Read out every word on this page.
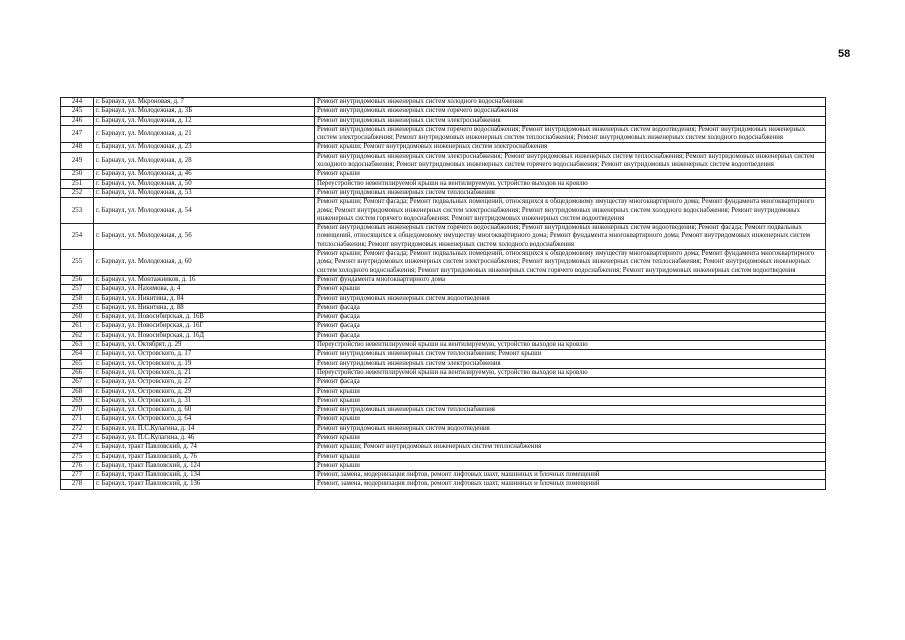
58
244	г. Барнаул, ул. Мкроновая, д. 7	Ремонт внутридомовых инженерных систем холодного водоснабжения
245	г. Барнаул, ул. Молодежная, д. 3Б	Ремонт внутридомовых инженерных систем горячего водоснабжения
246	г. Барнаул, ул. Молодежная, д. 12	Ремонт внутридомовых инженерных систем электроснабжения
247	г. Барнаул, ул. Молодежная, д. 21	Ремонт внутридомовых инженерных систем горячего водоснабжения; Ремонт внутридомовых инженерных систем водоотведения; Ремонт внутридомовых инженерных систем электроснабжения; Ремонт внутридомовых инженерных систем теплоснабжения; Ремонт внутридомовых инженерных систем холодного водоснабжения
248	г. Барнаул, ул. Молодежная, д. 23	Ремонт крыши; Ремонт внутридомовых инженерных систем электроснабжения
249	г. Барнаул, ул. Молодежная, д. 28	Ремонт внутридомовых инженерных систем электроснабжения; Ремонт внутридомовых инженерных систем теплоснабжения; Ремонт внутридомовых инженерных систем холодного водоснабжения; Ремонт внутридомовых инженерных систем горячего водоснабжения; Ремонт внутридомовых инженерных систем водоотведения
250	г. Барнаул, ул. Молодежная, д. 46	Ремонт крыши
251	г. Барнаул, ул. Молодежная, д. 50	Переустройство невентилируемой крыши на вентилируемую, устройство выходов на кровлю
252	г. Барнаул, ул. Молодежная, д. 53	Ремонт внутридомовых инженерных систем теплоснабжения
253	г. Барнаул, ул. Молодежная, д. 54	Ремонт крыши; Ремонт фасада; Ремонт подвальных помещений, относящихся к общедомовому имуществу многоквартирного дома; Ремонт фундамента многоквартирного дома; Ремонт внутридомовых инженерных систем электроснабжения; Ремонт внутридомовых инженерных систем холодного водоснабжения; Ремонт внутридомовых инженерных систем горячего водоснабжения; Ремонт внутридомовых инженерных систем водоотведения
254	г. Барнаул, ул. Молодежная, д. 56	Ремонт внутридомовых инженерных систем горячего водоснабжения; Ремонт внутридомовых инженерных систем водоотведения; Ремонт фасада; Ремонт подвальных помещений, относящихся к общедомовому имуществу многоквартирного дома; Ремонт фундамента многоквартирного дома; Ремонт внутридомовых инженерных систем теплоснабжения; Ремонт внутридомовых инженерных систем холодного водоснабжения
255	г. Барнаул, ул. Молодежная, д. 60	Ремонт крыши; Ремонт фасада; Ремонт подвальных помещений, относящихся к общедомовому имуществу многоквартирного дома; Ремонт фундамента многоквартирного дома; Ремонт внутридомовых инженерных систем электроснабжения; Ремонт внутридомовых инженерных систем теплоснабжения; Ремонт внутридомовых инженерных систем холодного водоснабжения; Ремонт внутридомовых инженерных систем горячего водоснабжения; Ремонт внутридомовых инженерных систем водоотведения
256	г. Барнаул, ул. Монтажников, д. 16	Ремонт фундамента многоквартирного дома
257	г. Барнаул, ул. Нахимова, д. 4	Ремонт крыши
258	г. Барнаул, ул. Никитина, д. 84	Ремонт внутридомовых инженерных систем водоотведения
259	г. Барнаул, ул. Никитина, д. 88	Ремонт фасада
260	г. Барнаул, ул. Новосибирская, д. 16В	Ремонт фасада
261	г. Барнаул, ул. Новосибирская, д. 16Г	Ремонт фасада
262	г. Барнаул, ул. Новосибирская, д. 16Д	Ремонт фасада
263	г. Барнаул, ул. Октябрят, д. 29	Переустройство невентилируемой крыши на вентилируемую, устройство выходов на кровлю
264	г. Барнаул, ул. Островского, д. 17	Ремонт внутридомовых инженерных систем теплоснабжения; Ремонт крыши
265	г. Барнаул, ул. Островского, д. 19	Ремонт внутридомовых инженерных систем электроснабжения
266	г. Барнаул, ул. Островского, д. 21	Переустройство невентилируемой крыши на вентилируемую, устройство выходов на кровлю
267	г. Барнаул, ул. Островского, д. 27	Ремонт фасада
268	г. Барнаул, ул. Островского, д. 29	Ремонт крыши
269	г. Барнаул, ул. Островского, д. 31	Ремонт крыши
270	г. Барнаул, ул. Островского, д. 60	Ремонт внутридомовых инженерных систем теплоснабжения
271	г. Барнаул, ул. Островского, д. 64	Ремонт крыши
272	г. Барнаул, ул. П.С.Кулагина, д. 14	Ремонт внутридомовых инженерных систем водоотведения
273	г. Барнаул, ул. П.С.Кулагина, д. 46	Ремонт крыши
274	г. Барнаул, тракт Павловский, д. 74	Ремонт крыши; Ремонт внутридомовых инженерных систем теплоснабжения
275	г. Барнаул, тракт Павловский, д. 76	Ремонт крыши
276	г. Барнаул, тракт Павловский, д. 124	Ремонт крыши
277	г. Барнаул, тракт Павловский, д. 134	Ремонт, замена, модернизация лифтов, ремонт лифтовых шахт, машинных и блочных помещений
278	г. Барнаул, тракт Павловский, д. 136	Ремонт, замена, модернизация лифтов, ремонт лифтовых шахт, машинных и блочных помещений
